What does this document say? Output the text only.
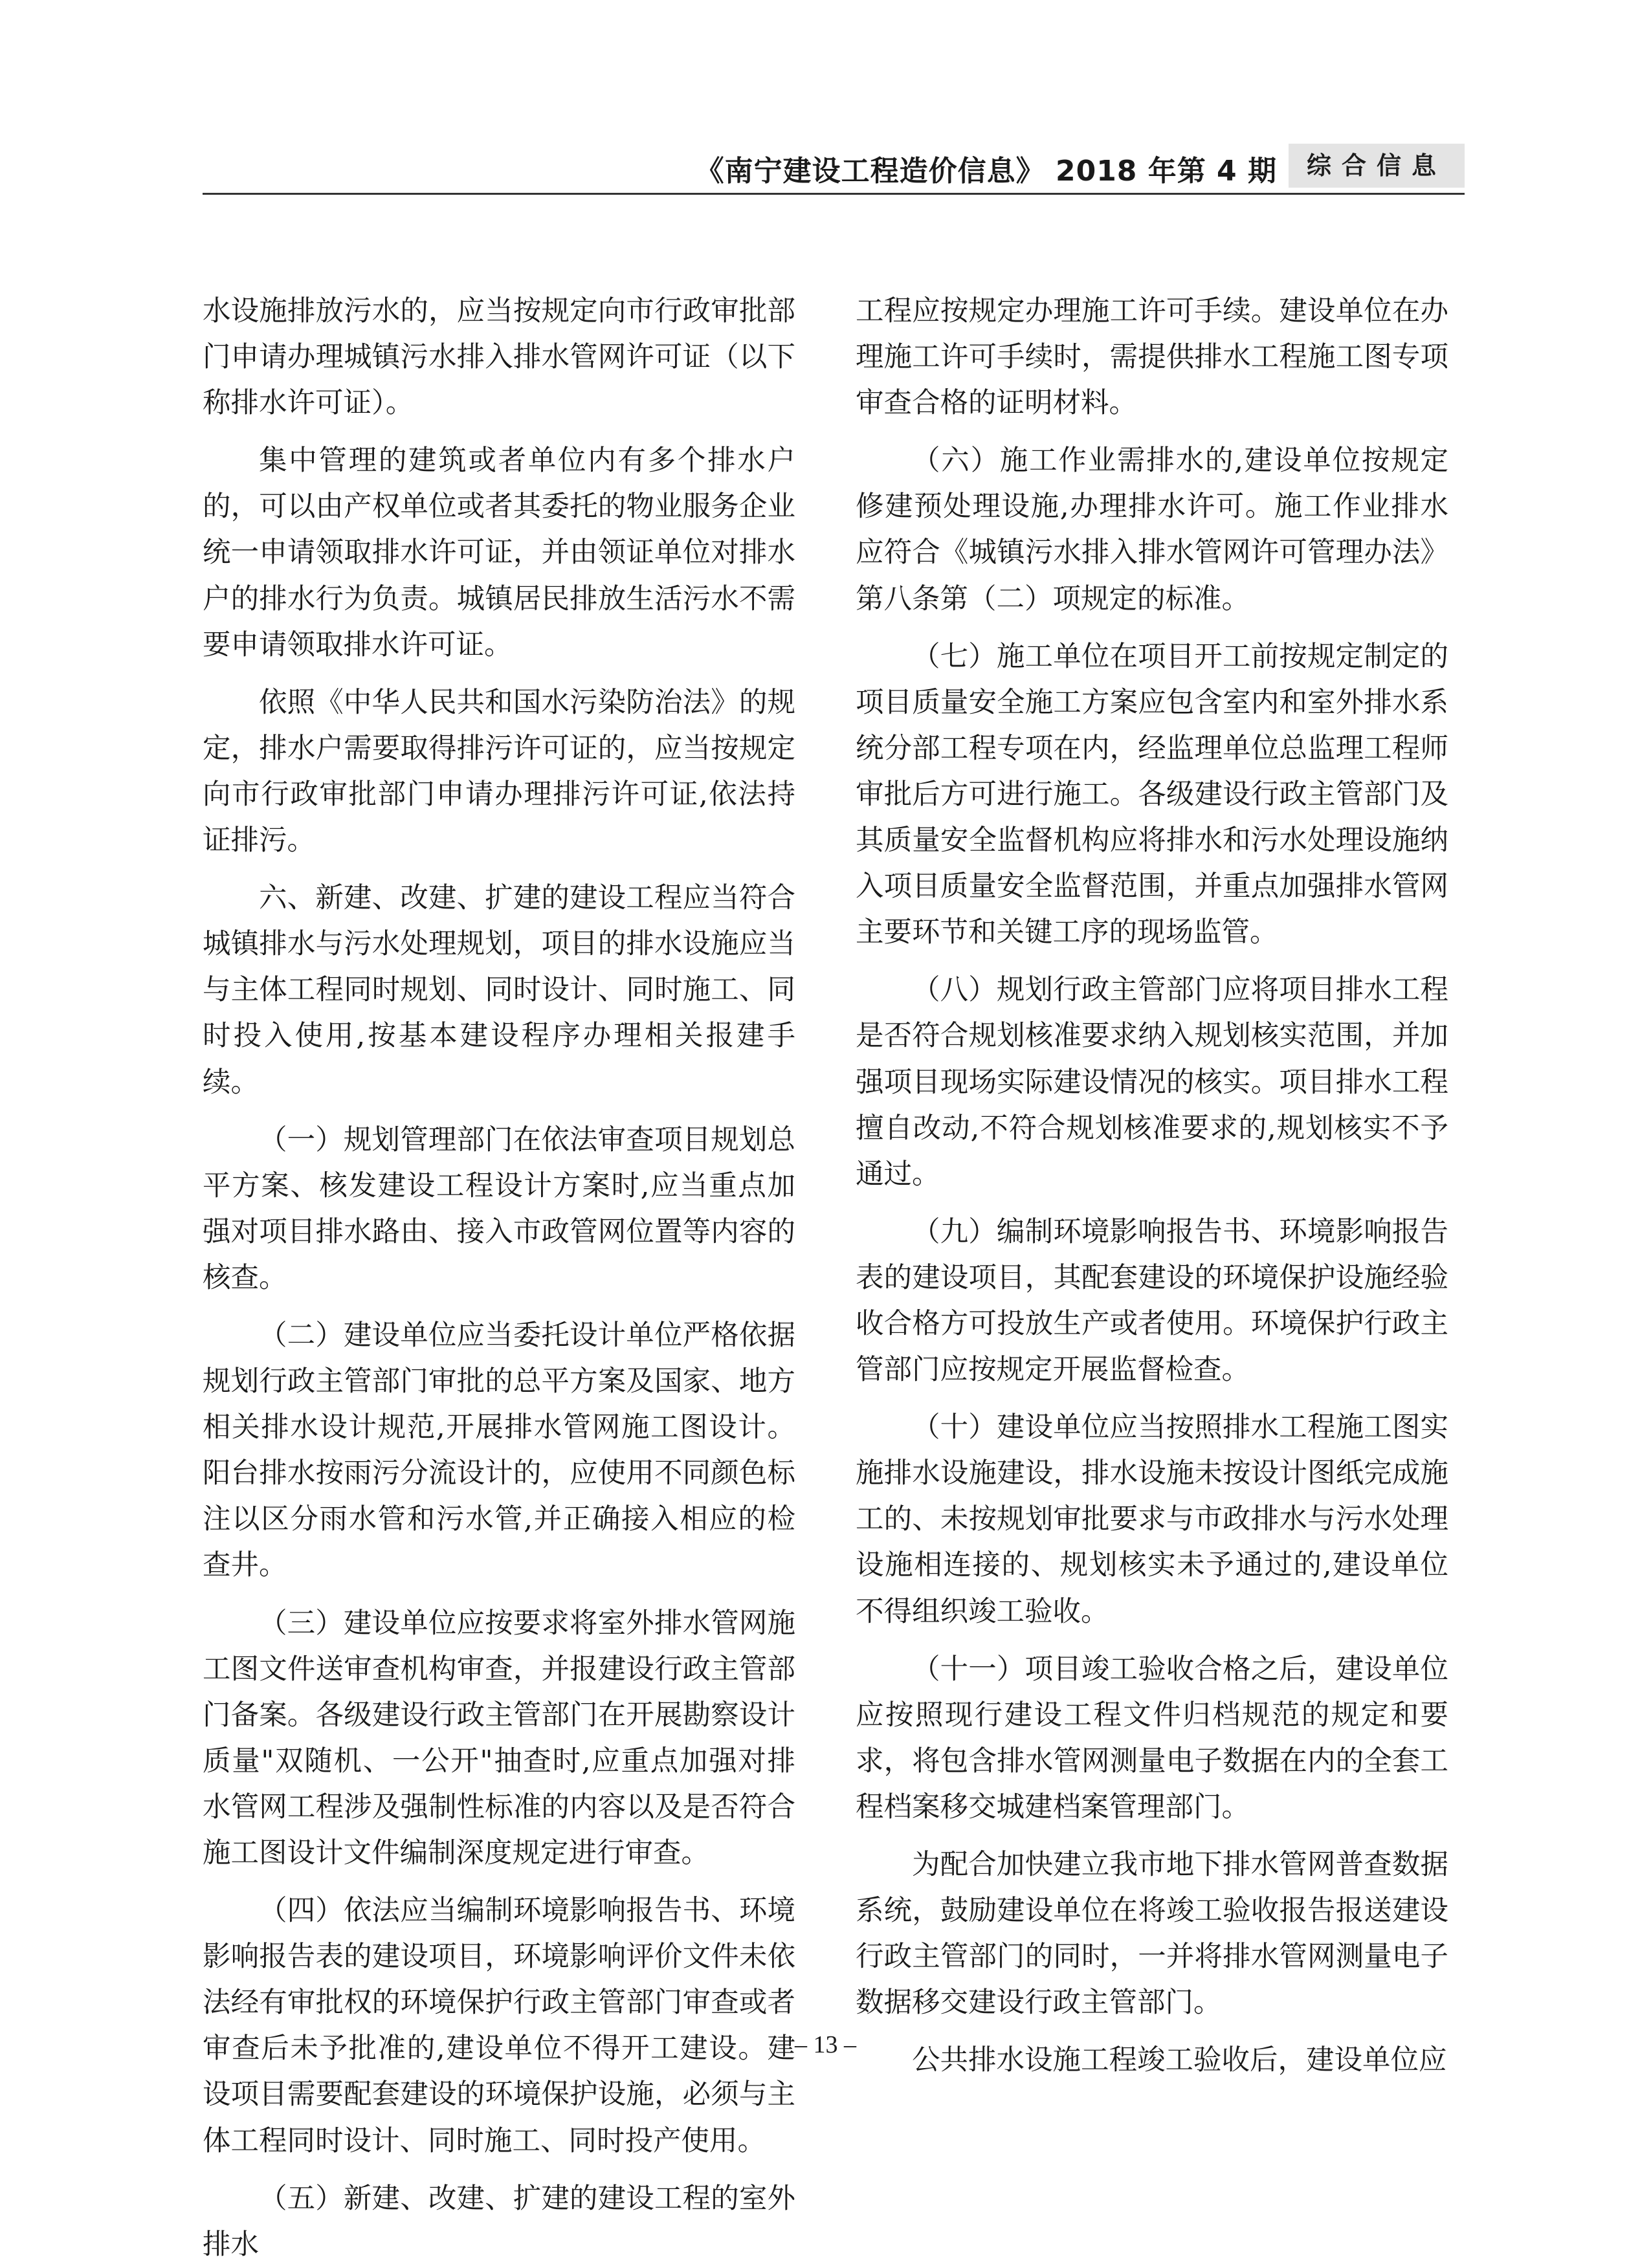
《南宁建设工程造价信息》 2018 年第 4 期	综合信息

水设施排放污水的，应当按规定向市行政审批部门申请办理城镇污水排入排水管网许可证（以下称排水许可证）。

集中管理的建筑或者单位内有多个排水户的，可以由产权单位或者其委托的物业服务企业统一申请领取排水许可证，并由领证单位对排水户的排水行为负责。城镇居民排放生活污水不需要申请领取排水许可证。

依照《中华人民共和国水污染防治法》的规定，排水户需要取得排污许可证的，应当按规定向市行政审批部门申请办理排污许可证,依法持证排污。

六、新建、改建、扩建的建设工程应当符合城镇排水与污水处理规划，项目的排水设施应当与主体工程同时规划、同时设计、同时施工、同时投入使用,按基本建设程序办理相关报建手续。

（一）规划管理部门在依法审查项目规划总平方案、核发建设工程设计方案时,应当重点加强对项目排水路由、接入市政管网位置等内容的核查。

（二）建设单位应当委托设计单位严格依据规划行政主管部门审批的总平方案及国家、地方相关排水设计规范,开展排水管网施工图设计。阳台排水按雨污分流设计的，应使用不同颜色标注以区分雨水管和污水管,并正确接入相应的检查井。

（三）建设单位应按要求将室外排水管网施工图文件送审查机构审查，并报建设行政主管部门备案。各级建设行政主管部门在开展勘察设计质量"双随机、一公开"抽查时,应重点加强对排水管网工程涉及强制性标准的内容以及是否符合施工图设计文件编制深度规定进行审查。

（四）依法应当编制环境影响报告书、环境影响报告表的建设项目，环境影响评价文件未依法经有审批权的环境保护行政主管部门审查或者审查后未予批准的,建设单位不得开工建设。建设项目需要配套建设的环境保护设施，必须与主体工程同时设计、同时施工、同时投产使用。

（五）新建、改建、扩建的建设工程的室外排水

工程应按规定办理施工许可手续。建设单位在办理施工许可手续时，需提供排水工程施工图专项审查合格的证明材料。

（六）施工作业需排水的,建设单位按规定修建预处理设施,办理排水许可。施工作业排水应符合《城镇污水排入排水管网许可管理办法》第八条第（二）项规定的标准。

（七）施工单位在项目开工前按规定制定的项目质量安全施工方案应包含室内和室外排水系统分部工程专项在内，经监理单位总监理工程师审批后方可进行施工。各级建设行政主管部门及其质量安全监督机构应将排水和污水处理设施纳入项目质量安全监督范围，并重点加强排水管网主要环节和关键工序的现场监管。

（八）规划行政主管部门应将项目排水工程是否符合规划核准要求纳入规划核实范围，并加强项目现场实际建设情况的核实。项目排水工程擅自改动,不符合规划核准要求的,规划核实不予通过。

（九）编制环境影响报告书、环境影响报告表的建设项目，其配套建设的环境保护设施经验收合格方可投放生产或者使用。环境保护行政主管部门应按规定开展监督检查。

（十）建设单位应当按照排水工程施工图实施排水设施建设，排水设施未按设计图纸完成施工的、未按规划审批要求与市政排水与污水处理设施相连接的、规划核实未予通过的,建设单位不得组织竣工验收。

（十一）项目竣工验收合格之后，建设单位应按照现行建设工程文件归档规范的规定和要求，将包含排水管网测量电子数据在内的全套工程档案移交城建档案管理部门。

为配合加快建立我市地下排水管网普查数据系统，鼓励建设单位在将竣工验收报告报送建设行政主管部门的同时，一并将排水管网测量电子数据移交建设行政主管部门。

公共排水设施工程竣工验收后，建设单位应

– 13 –
